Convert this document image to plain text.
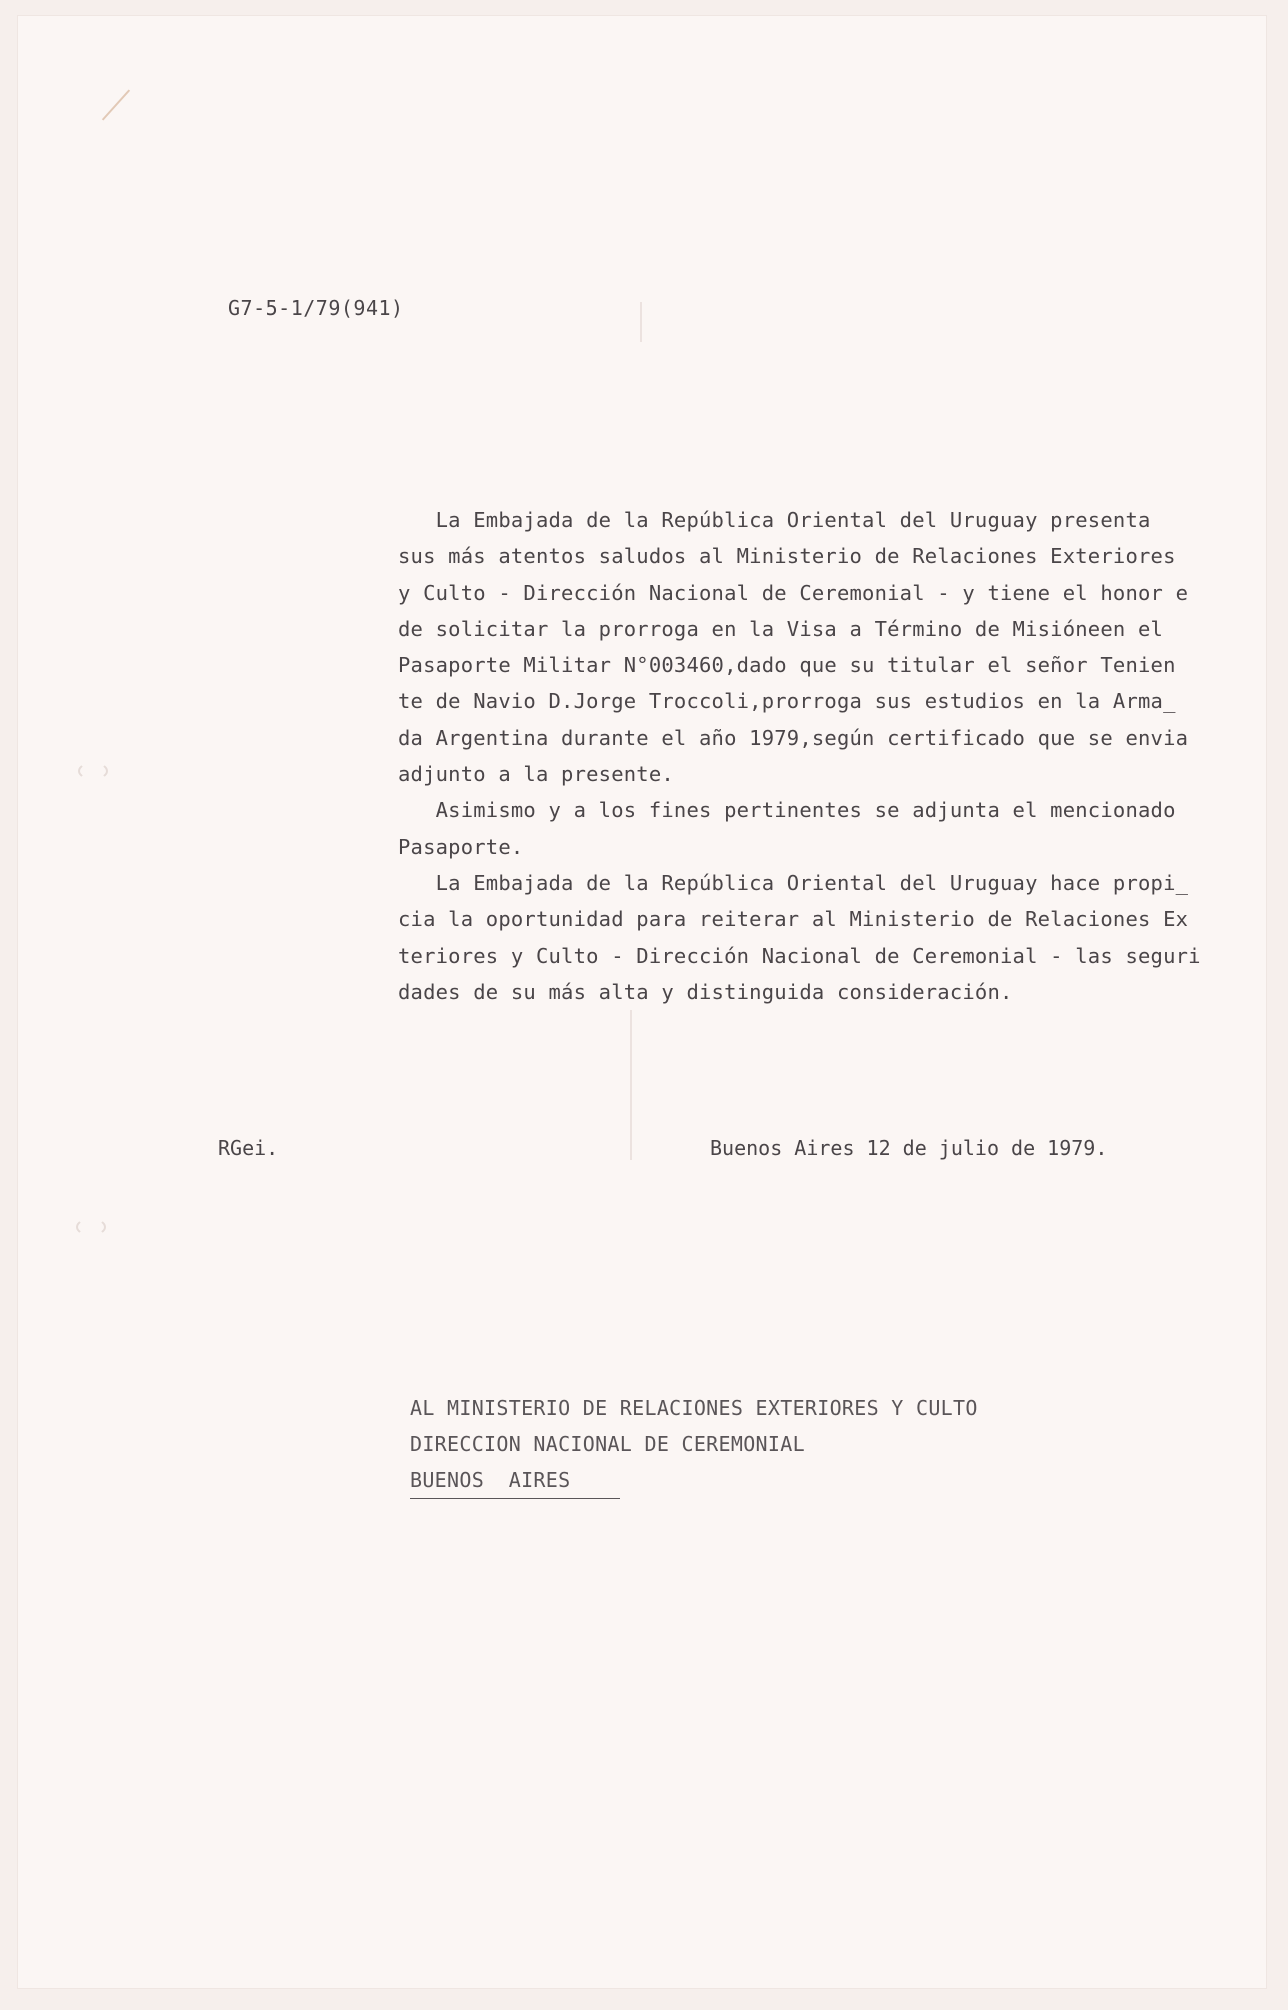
G7-5-1/79(941)

La Embajada de la República Oriental del Uruguay presenta

sus más atentos saludos al Ministerio de Relaciones Exteriores

y Culto - Dirección Nacional de Ceremonial - y tiene el honor e

de solicitar la prorroga en la Visa a Término de Misióneen el

Pasaporte Militar N°003460,dado que su titular el señor Tenien

te de Navio D.Jorge Troccoli,prorroga sus estudios en la Arma_

da Argentina durante el año 1979,según certificado que se envia

adjunto a la presente.

Asimismo y a los fines pertinentes se adjunta el mencionado

Pasaporte.

La Embajada de la República Oriental del Uruguay hace propi_

cia la oportunidad para reiterar al Ministerio de Relaciones Ex

teriores y Culto - Dirección Nacional de Ceremonial - las seguri

dades de su más alta y distinguida consideración.

RGei.	Buenos Aires 12 de julio de 1979.
AL MINISTERIO DE RELACIONES EXTERIORES Y CULTO
DIRECCION NACIONAL DE CEREMONIAL
BUENOS  AIRES
